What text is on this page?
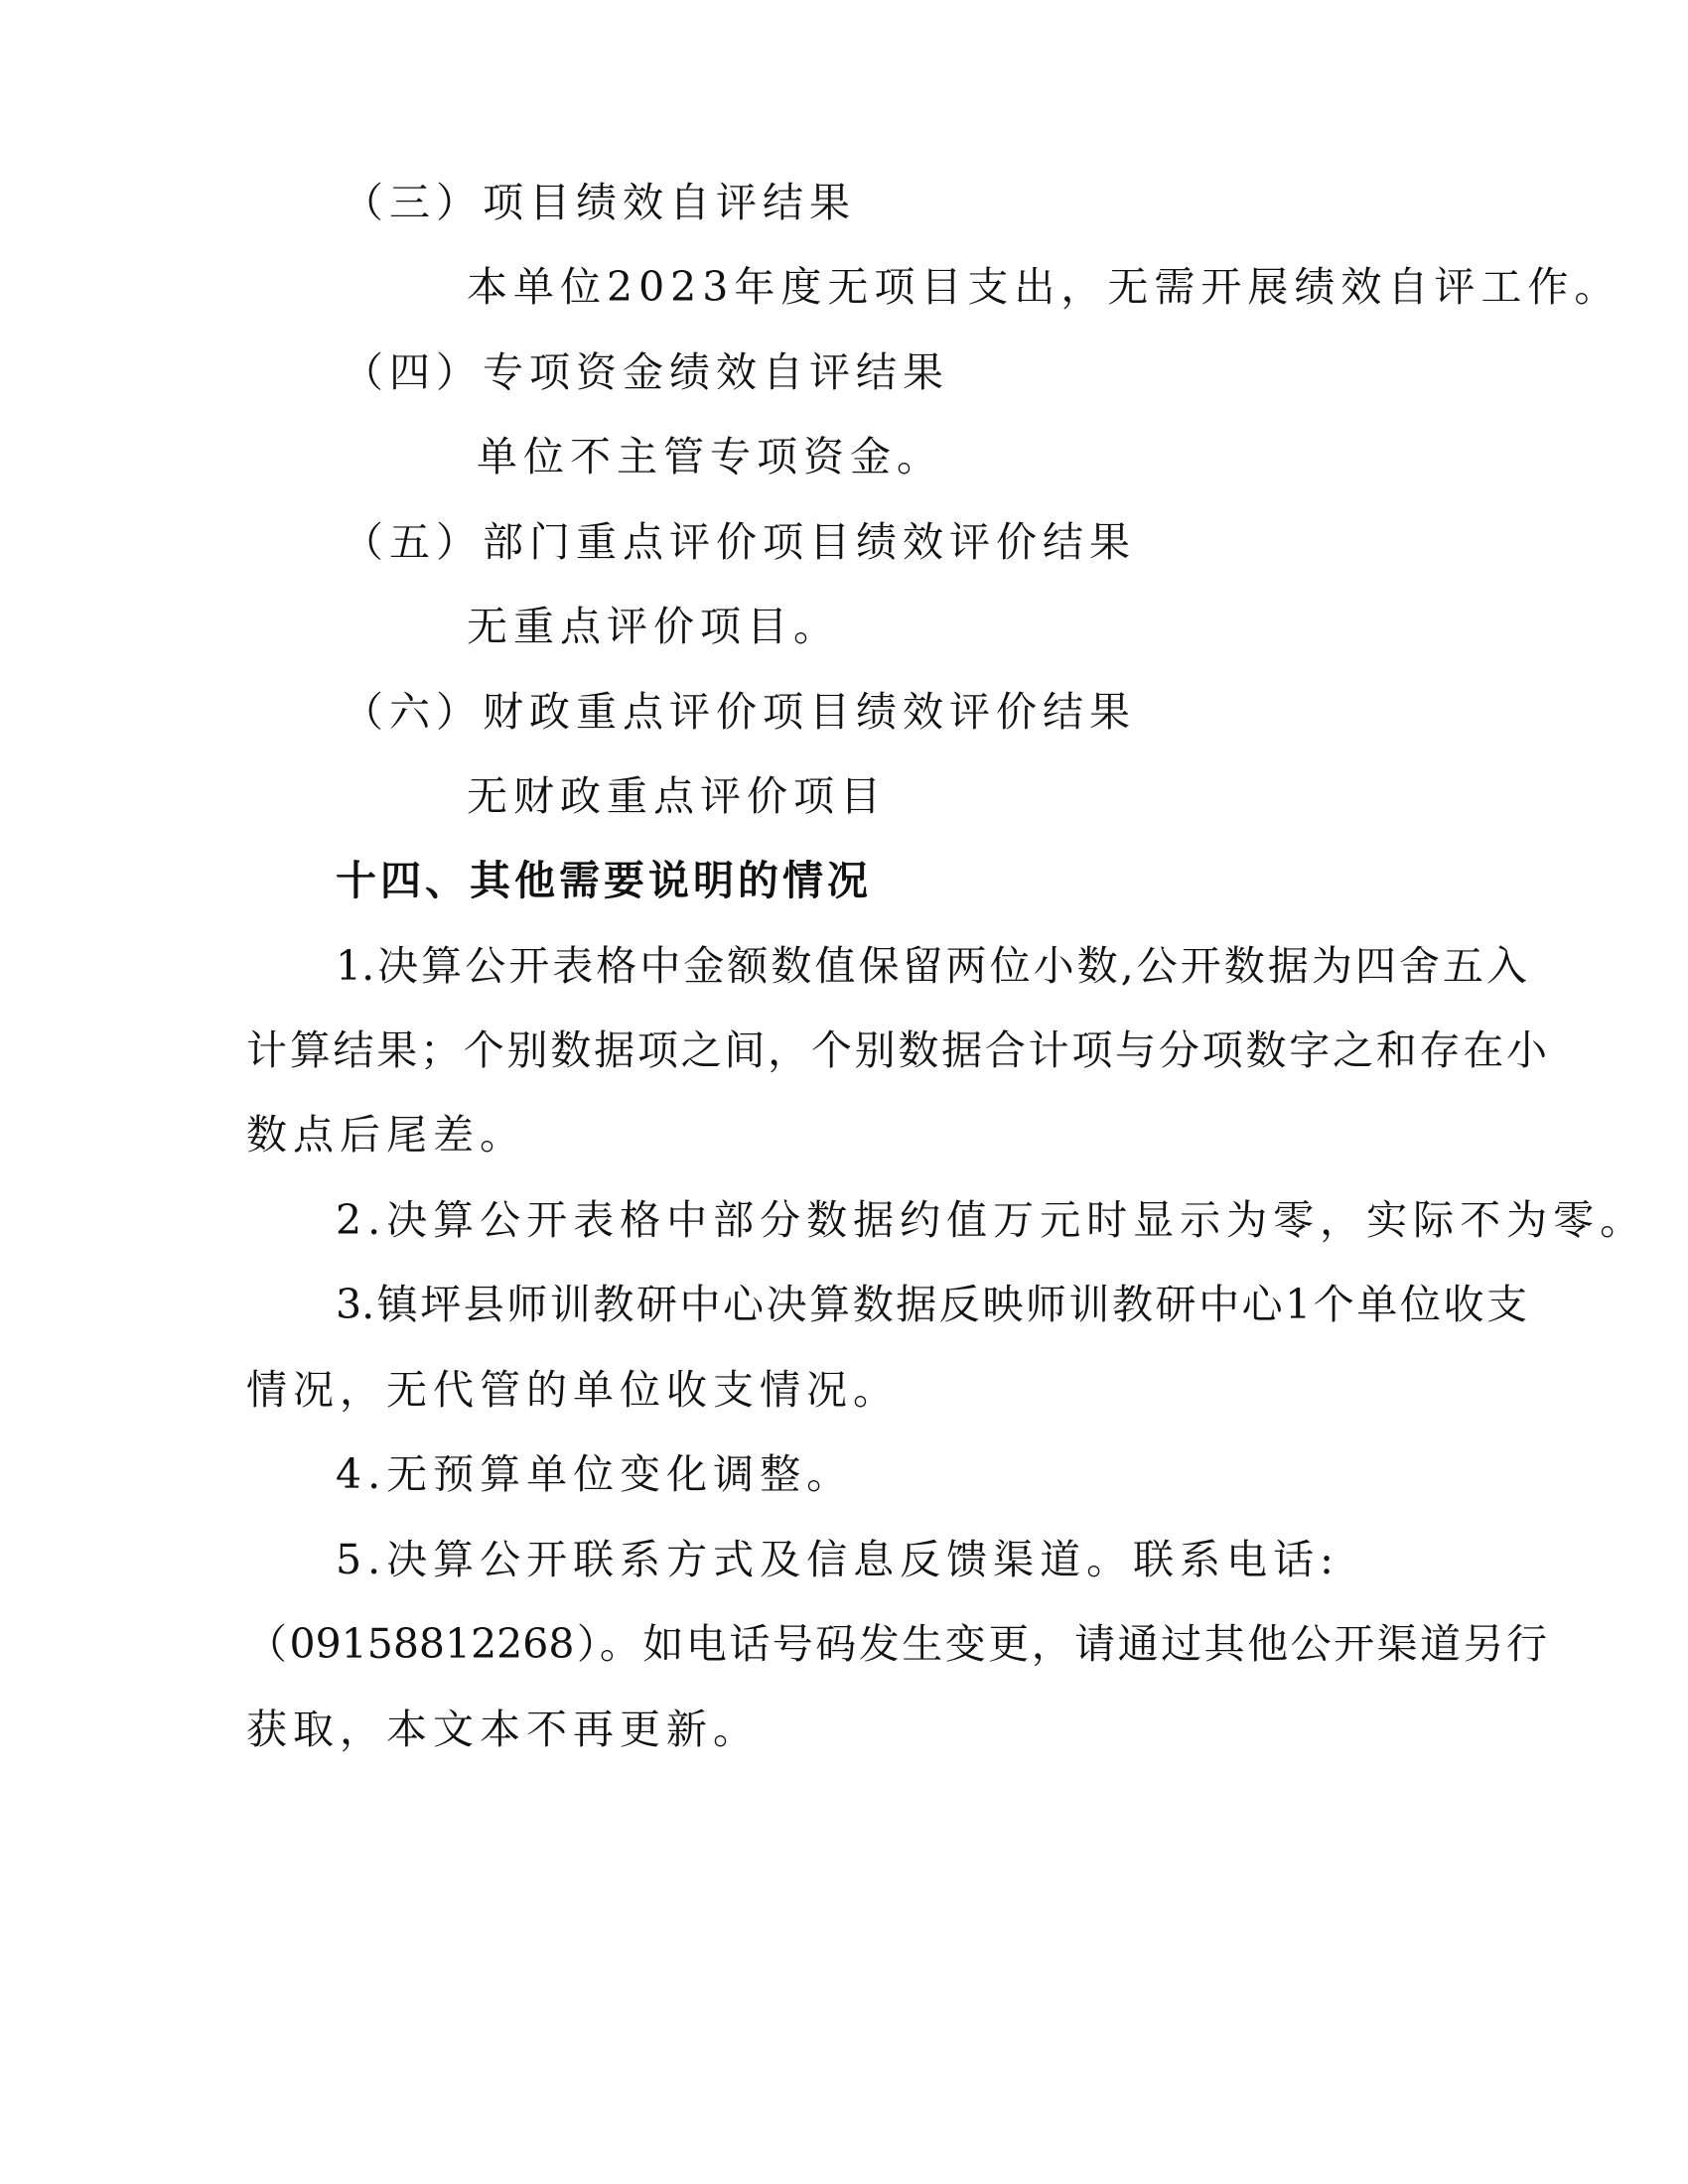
（三）项目绩效自评结果
本单位2023年度无项目支出，无需开展绩效自评工作。
（四）专项资金绩效自评结果
单位不主管专项资金。
（五）部门重点评价项目绩效评价结果
无重点评价项目。
（六）财政重点评价项目绩效评价结果
无财政重点评价项目
十四、其他需要说明的情况
1.决算公开表格中金额数值保留两位小数,公开数据为四舍五入
计算结果；个别数据项之间，个别数据合计项与分项数字之和存在小
数点后尾差。
2.决算公开表格中部分数据约值万元时显示为零，实际不为零。
3.镇坪县师训教研中心决算数据反映师训教研中心1个单位收支
情况，无代管的单位收支情况。
4.无预算单位变化调整。
5.决算公开联系方式及信息反馈渠道。联系电话:
（09158812268）。如电话号码发生变更，请通过其他公开渠道另行
获取，本文本不再更新。
